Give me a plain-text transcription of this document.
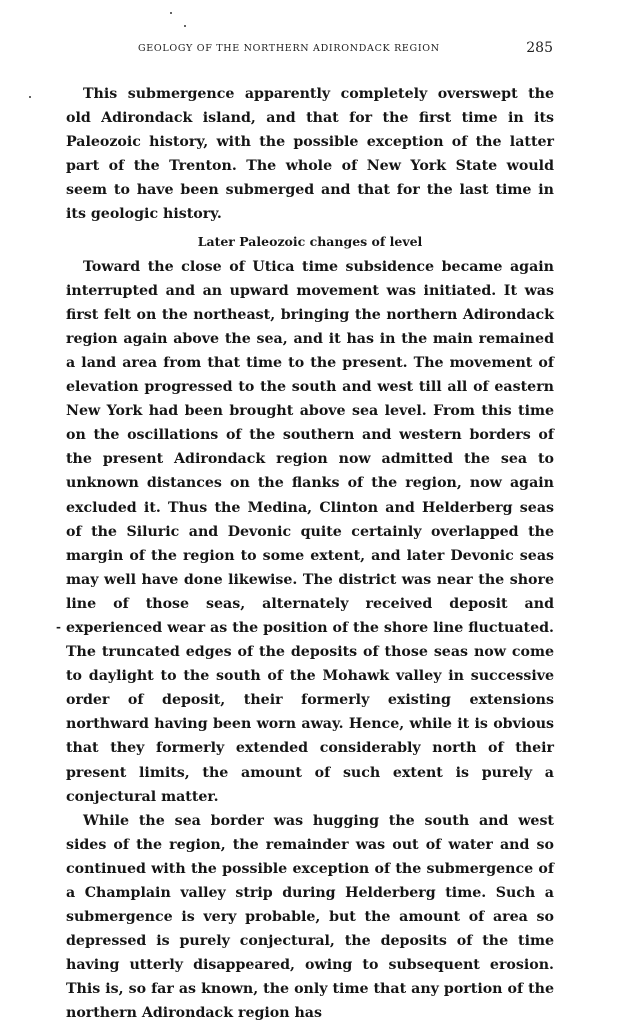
GEOLOGY OF THE NORTHERN ADIRONDACK REGION	285

This submergence apparently completely overswept the old Adirondack island, and that for the first time in its Paleozoic history, with the possible exception of the latter part of the Trenton. The whole of New York State would seem to have been submerged and that for the last time in its geologic history.

Later Paleozoic changes of level

Toward the close of Utica time subsidence became again interrupted and an upward movement was initiated. It was first felt on the northeast, bringing the northern Adirondack region again above the sea, and it has in the main remained a land area from that time to the present. The movement of elevation progressed to the south and west till all of eastern New York had been brought above sea level. From this time on the oscillations of the southern and western borders of the present Adirondack region now admitted the sea to unknown distances on the flanks of the region, now again excluded it. Thus the Medina, Clinton and Helderberg seas of the Siluric and Devonic quite certainly overlapped the margin of the region to some extent, and later Devonic seas may well have done likewise. The district was near the shore line of those seas, alternately received deposit and experienced wear as the position of the shore line fluctuated. The truncated edges of the deposits of those seas now come to daylight to the south of the Mohawk valley in successive order of deposit, their formerly existing extensions northward having been worn away. Hence, while it is obvious that they formerly extended considerably north of their present limits, the amount of such extent is purely a conjectural matter.

While the sea border was hugging the south and west sides of the region, the remainder was out of water and so continued with the possible exception of the submergence of a Champlain valley strip during Helderberg time. Such a submergence is very probable, but the amount of area so depressed is purely conjectural, the deposits of the time having utterly disappeared, owing to subsequent erosion. This is, so far as known, the only time that any portion of the northern Adirondack region has

-
